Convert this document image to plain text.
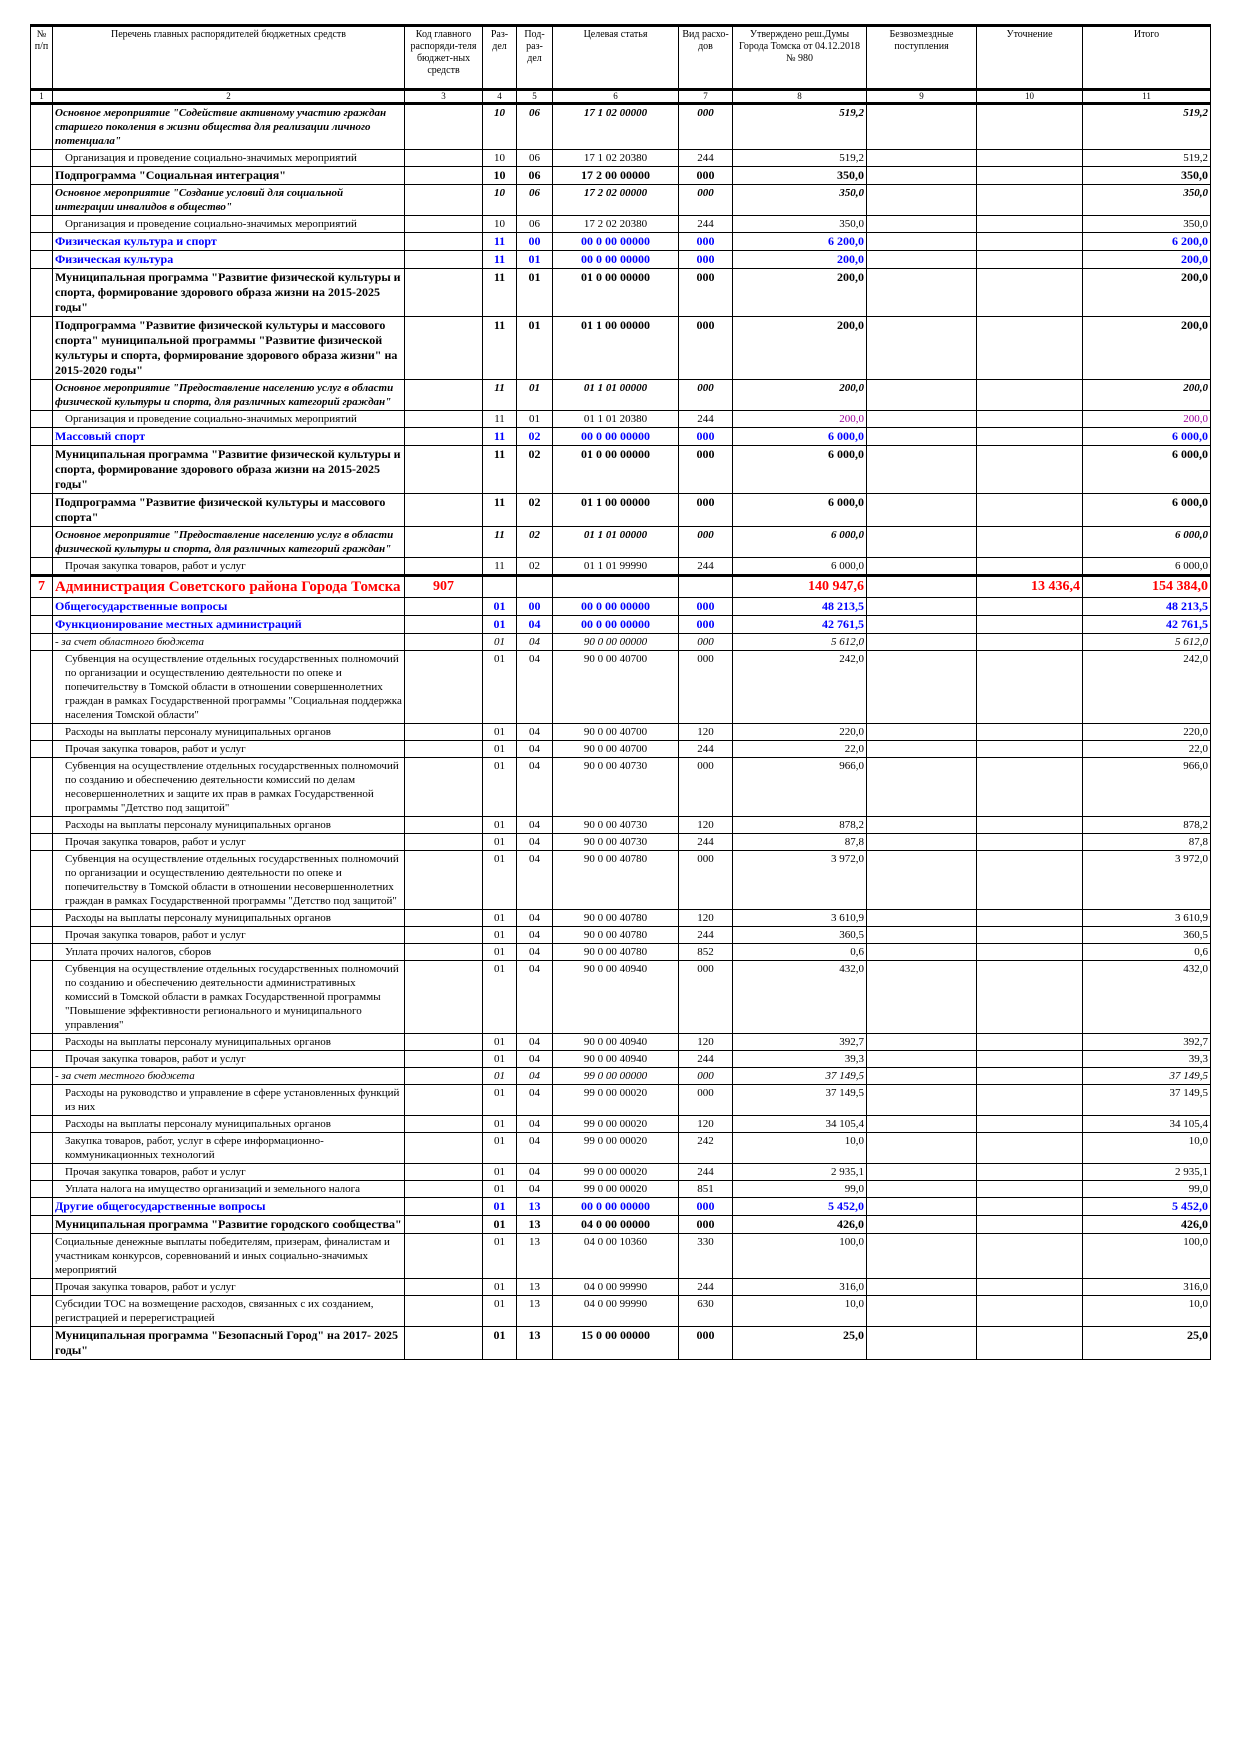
№ п/п	Перечень главных распорядителей бюджетных средств	Код главного распоряди-теля бюджет-ных средств	Раз-дел	Под-раз-дел	Целевая статья	Вид расхо-дов	Утверждено реш.Думы Города Томска от 04.12.2018 № 980	Безвозмездные поступления	Уточнение	Итого
1	2	3	4	5	6	7	8	9	10	11
	Основное мероприятие "Содействие активному участию граждан старшего поколения в жизни общества для реализации личного потенциала"		10	06	17 1 02 00000	000	519,2			519,2
	Организация и проведение социально-значимых мероприятий		10	06	17 1 02 20380	244	519,2			519,2
	Подпрограмма "Социальная интеграция"		10	06	17 2 00 00000	000	350,0			350,0
	Основное мероприятие "Создание условий для социальной интеграции инвалидов в общество"		10	06	17 2 02 00000	000	350,0			350,0
	Организация и проведение социально-значимых мероприятий		10	06	17 2 02 20380	244	350,0			350,0
	Физическая культура и спорт		11	00	00 0 00 00000	000	6 200,0			6 200,0
	Физическая культура		11	01	00 0 00 00000	000	200,0			200,0
	Муниципальная программа "Развитие физической культуры и спорта, формирование здорового образа жизни на 2015-2025 годы"		11	01	01 0 00 00000	000	200,0			200,0
	Подпрограмма "Развитие физической культуры и массового спорта" муниципальной программы "Развитие физической культуры и спорта, формирование здорового образа жизни" на 2015-2020 годы"		11	01	01 1 00 00000	000	200,0			200,0
	Основное мероприятие "Предоставление населению услуг в области физической культуры и спорта, для различных категорий граждан"		11	01	01 1 01 00000	000	200,0			200,0
	Организация и проведение социально-значимых мероприятий		11	01	01 1 01 20380	244	200,0			200,0
	Массовый спорт		11	02	00 0 00 00000	000	6 000,0			6 000,0
	Муниципальная программа "Развитие физической культуры и спорта, формирование здорового образа жизни на 2015-2025 годы"		11	02	01 0 00 00000	000	6 000,0			6 000,0
	Подпрограмма "Развитие физической культуры и массового спорта"		11	02	01 1 00 00000	000	6 000,0			6 000,0
	Основное мероприятие "Предоставление населению услуг в области физической культуры и спорта, для различных категорий граждан"		11	02	01 1 01 00000	000	6 000,0			6 000,0
	Прочая закупка товаров, работ и услуг		11	02	01 1 01 99990	244	6 000,0			6 000,0
7	Администрация Советского района Города Томска	907					140 947,6		13 436,4	154 384,0
	Общегосударственные вопросы		01	00	00 0 00 00000	000	48 213,5			48 213,5
	Функционирование местных администраций		01	04	00 0 00 00000	000	42 761,5			42 761,5
	- за счет областного бюджета		01	04	90 0 00 00000	000	5 612,0			5 612,0
	Субвенция на осуществление отдельных государственных полномочий по организации и осуществлению деятельности по опеке и попечительству в Томской области в отношении совершеннолетних граждан в рамках Государственной программы "Социальная поддержка населения Томской области"		01	04	90 0 00 40700	000	242,0			242,0
	Расходы на выплаты персоналу муниципальных органов		01	04	90 0 00 40700	120	220,0			220,0
	Прочая закупка товаров, работ и услуг		01	04	90 0 00 40700	244	22,0			22,0
	Субвенция на осуществление отдельных государственных полномочий по созданию и обеспечению деятельности комиссий по делам несовершеннолетних и защите их прав в рамках Государственной программы "Детство под защитой"		01	04	90 0 00 40730	000	966,0			966,0
	Расходы на выплаты персоналу муниципальных органов		01	04	90 0 00 40730	120	878,2			878,2
	Прочая закупка товаров, работ и услуг		01	04	90 0 00 40730	244	87,8			87,8
	Субвенция на осуществление отдельных государственных полномочий по организации и осуществлению деятельности по опеке и попечительству в Томской области в отношении несовершеннолетних граждан в рамках Государственной программы "Детство под защитой"		01	04	90 0 00 40780	000	3 972,0			3 972,0
	Расходы на выплаты персоналу муниципальных органов		01	04	90 0 00 40780	120	3 610,9			3 610,9
	Прочая закупка товаров, работ и услуг		01	04	90 0 00 40780	244	360,5			360,5
	Уплата прочих налогов, сборов		01	04	90 0 00 40780	852	0,6			0,6
	Субвенция на осуществление отдельных государственных полномочий по созданию и обеспечению деятельности административных комиссий в Томской области в рамках Государственной программы "Повышение эффективности регионального и муниципального управления"		01	04	90 0 00 40940	000	432,0			432,0
	Расходы на выплаты персоналу муниципальных органов		01	04	90 0 00 40940	120	392,7			392,7
	Прочая закупка товаров, работ и услуг		01	04	90 0 00 40940	244	39,3			39,3
	- за счет местного бюджета		01	04	99 0 00 00000	000	37 149,5			37 149,5
	Расходы на руководство и управление в сфере установленных функций из них		01	04	99 0 00 00020	000	37 149,5			37 149,5
	Расходы на выплаты персоналу муниципальных органов		01	04	99 0 00 00020	120	34 105,4			34 105,4
	Закупка товаров, работ, услуг в сфере информационно-коммуникационных технологий		01	04	99 0 00 00020	242	10,0			10,0
	Прочая закупка товаров, работ и услуг		01	04	99 0 00 00020	244	2 935,1			2 935,1
	Уплата налога на имущество организаций и земельного налога		01	04	99 0 00 00020	851	99,0			99,0
	Другие общегосударственные вопросы		01	13	00 0 00 00000	000	5 452,0			5 452,0
	Муниципальная программа "Развитие городского сообщества"		01	13	04 0 00 00000	000	426,0			426,0
	Социальные денежные выплаты победителям, призерам, финалистам и участникам конкурсов, соревнований и иных социально-значимых мероприятий		01	13	04 0 00 10360	330	100,0			100,0
	Прочая закупка товаров, работ и услуг		01	13	04 0 00 99990	244	316,0			316,0
	Субсидии ТОС на возмещение расходов, связанных с их созданием, регистрацией и перерегистрацией		01	13	04 0 00 99990	630	10,0			10,0
	Муниципальная программа "Безопасный Город" на 2017- 2025 годы"		01	13	15 0 00 00000	000	25,0			25,0
